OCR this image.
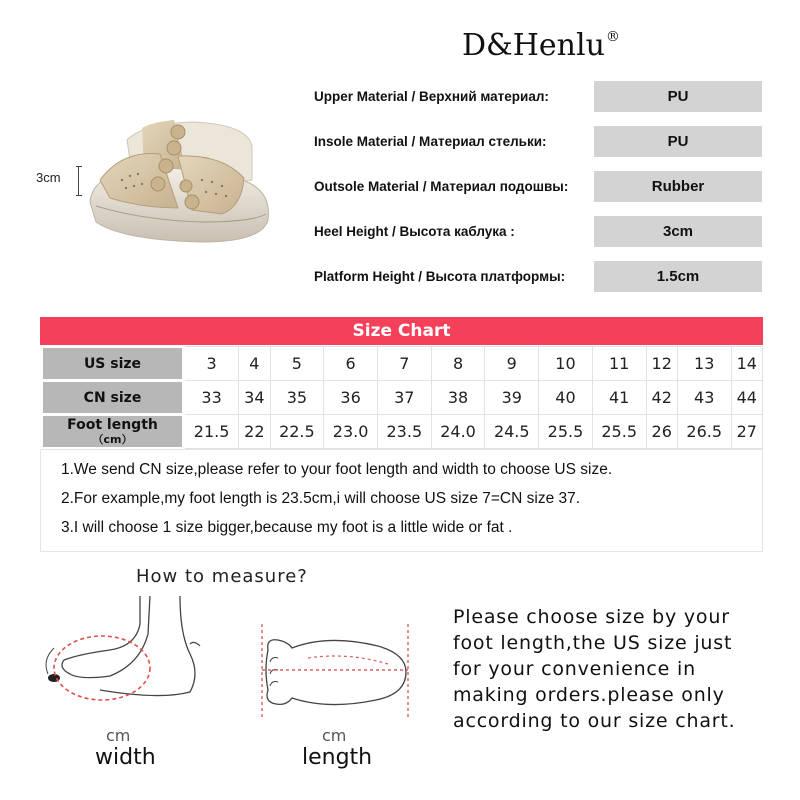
D&Henlu®
3cm
Upper Material / Верхний материал:	PU
Insole Material / Материал стельки:	PU
Outsole Material / Материал подошвы:	Rubber
Heel Height / Высота каблука :	3cm
Platform Height / Высота платформы:	1.5cm
Size Chart
US size	3	4	5	6	7	8	9	10	11	12	13	14
CN size	33	34	35	36	37	38	39	40	41	42	43	44
Foot length
（cm）	21.5	22	22.5	23.0	23.5	24.0	24.5	25.5	25.5	26	26.5	27
1.We send CN size,please refer to your foot length and width to choose US size.
2.For example,my foot length is 23.5cm,i will choose US size 7=CN size 37.
3.I will choose 1 size bigger,because my foot is a little wide or fat .
How to measure?
cm
width
cm
length
Please choose size by your
foot length,the US size just
for your convenience in
making orders.please only
according to our size chart.
